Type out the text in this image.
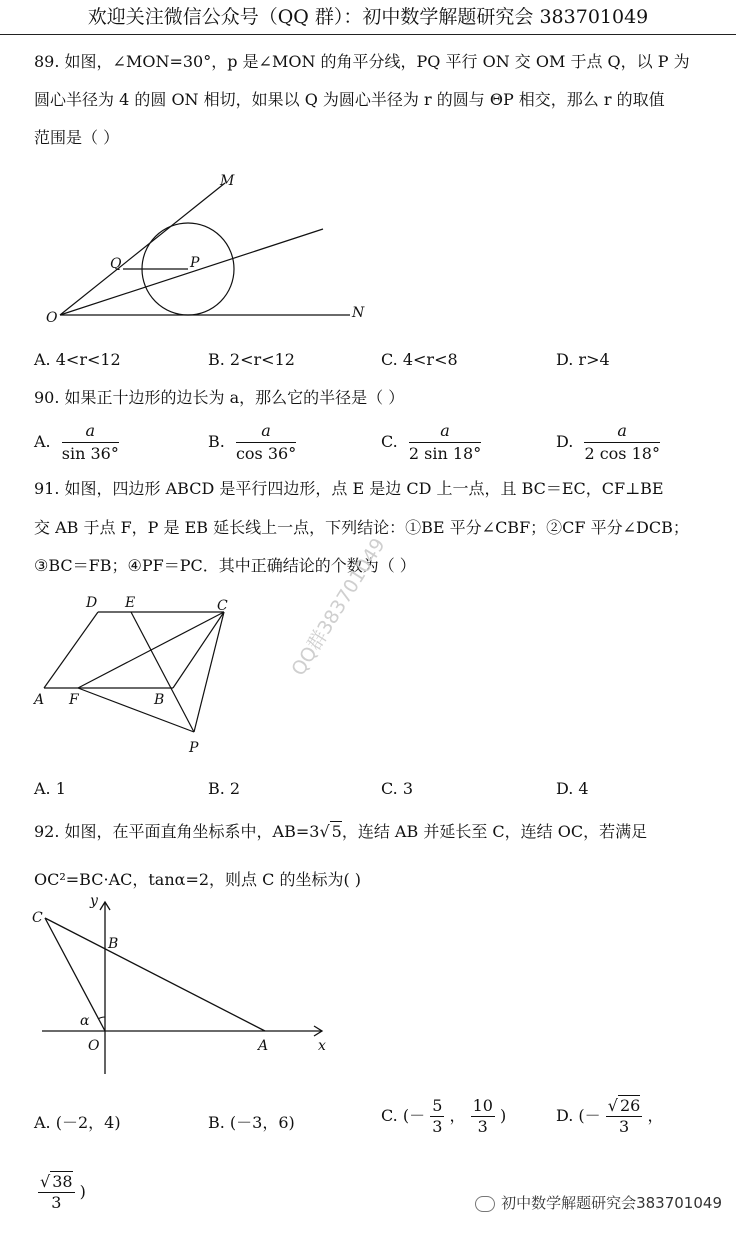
欢迎关注微信公众号（QQ 群）：初中数学解题研究会 383701049
89. 如图，∠MON=30°，p 是∠MON 的角平分线，PQ 平行 ON 交 OM 于点 Q，以 P 为
圆心半径为 4 的圆 ON 相切，如果以 Q 为圆心半径为 r 的圆与 ΘP 相交，那么 r 的取值
范围是（ ）
M
Q	P
O	N
A. 4<r<12	B. 2<r<12	C. 4<r<8	D. r>4
90. 如果正十边形的边长为 a，那么它的半径是（ ）
A. $\frac{a}{\sin 36^\circ}$	B. $\frac{a}{\cos 36^\circ}$	C. $\frac{a}{2 \sin 18^\circ}$	D. $\frac{a}{2 \cos 18^\circ}$
91. 如图，四边形 ABCD 是平行四边形，点 E 是边 CD 上一点，且 BC＝EC，CF⊥BE
交 AB 于点 F，P 是 EB 延长线上一点，下列结论：①BE 平分∠CBF；②CF 平分∠DCB；
③BC＝FB；④PF＝PC．其中正确结论的个数为（ ）
D E	C
A F	B
P
QQ群383701049
A. 1	B. 2	C. 3	D. 4
92. 如图，在平面直角坐标系中，AB=3√ 5，连结 AB 并延长至 C，连结 OC，若满足
OC²=BC·AC，tanα=2，则点 C 的坐标为( )
y
C
B
α
O	A	x
A. (－2，4)	B. (－3，6)	C. (－ $\frac{5}{3}$ ， $\frac{10}{3}$ )	D. (－ $\frac{√ 26}{3}$ ，
$\frac{√ 38}{3}$ )
初中数学解题研究会383701049
